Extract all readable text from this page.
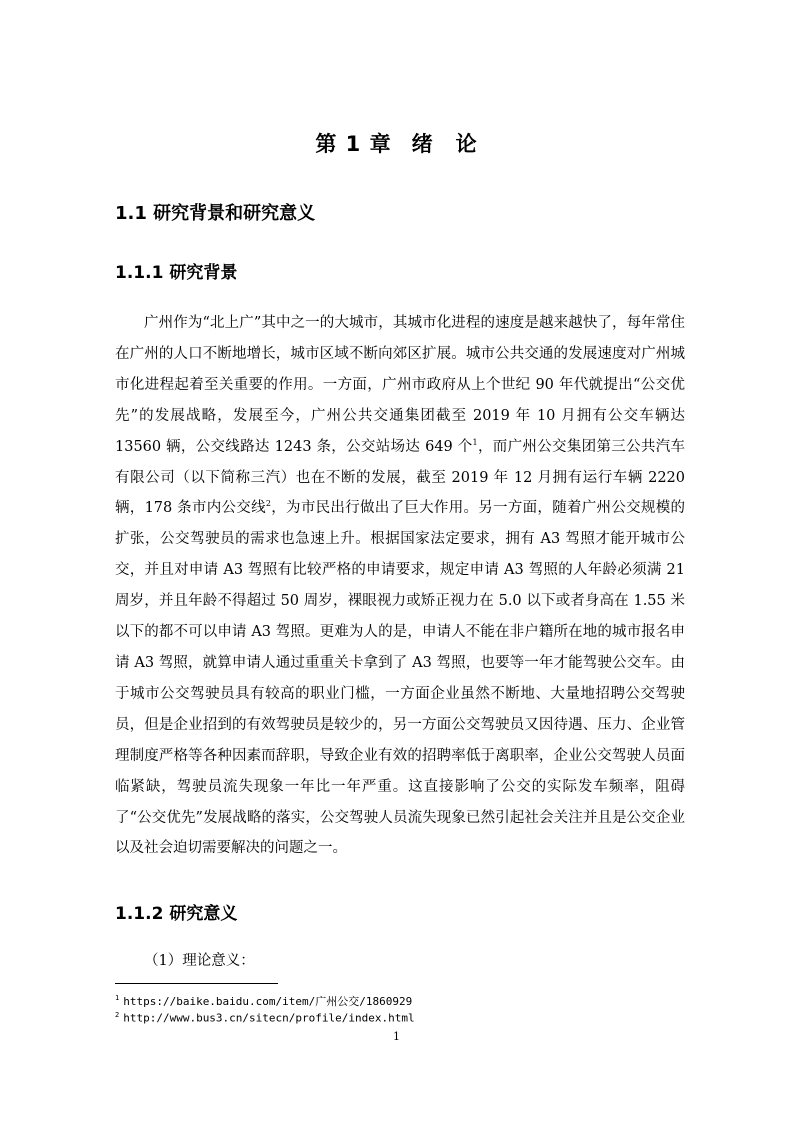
第 1 章 绪　论
1.1 研究背景和研究意义
1.1.1 研究背景
广州作为“北上广”其中之一的大城市，其城市化进程的速度是越来越快了，每年常住在广州的人口不断地增长，城市区域不断向郊区扩展。城市公共交通的发展速度对广州城市化进程起着至关重要的作用。一方面，广州市政府从上个世纪 90 年代就提出“公交优先”的发展战略，发展至今，广州公共交通集团截至 2019 年 10 月拥有公交车辆达 13560 辆，公交线路达 1243 条，公交站场达 649 个$^1$，而广州公交集团第三公共汽车有限公司（以下简称三汽）也在不断的发展，截至 2019 年 12 月拥有运行车辆 2220 辆，178 条市内公交线$^2$，为市民出行做出了巨大作用。另一方面，随着广州公交规模的扩张，公交驾驶员的需求也急速上升。根据国家法定要求，拥有 A3 驾照才能开城市公交，并且对申请 A3 驾照有比较严格的申请要求，规定申请 A3 驾照的人年龄必须满 21 周岁，并且年龄不得超过 50 周岁，裸眼视力或矫正视力在 5.0 以下或者身高在 1.55 米以下的都不可以申请 A3 驾照。更难为人的是，申请人不能在非户籍所在地的城市报名申请 A3 驾照，就算申请人通过重重关卡拿到了 A3 驾照，也要等一年才能驾驶公交车。由于城市公交驾驶员具有较高的职业门槛，一方面企业虽然不断地、大量地招聘公交驾驶员，但是企业招到的有效驾驶员是较少的，另一方面公交驾驶员又因待遇、压力、企业管理制度严格等各种因素而辞职，导致企业有效的招聘率低于离职率，企业公交驾驶人员面临紧缺，驾驶员流失现象一年比一年严重。这直接影响了公交的实际发车频率，阻碍了“公交优先”发展战略的落实，公交驾驶人员流失现象已然引起社会关注并且是公交企业以及社会迫切需要解决的问题之一。
1.1.2 研究意义
（1）理论意义：
$^1$ https://baike.baidu.com/item/广州公交/1860929
$^2$ http://www.bus3.cn/sitecn/profile/index.html
1
